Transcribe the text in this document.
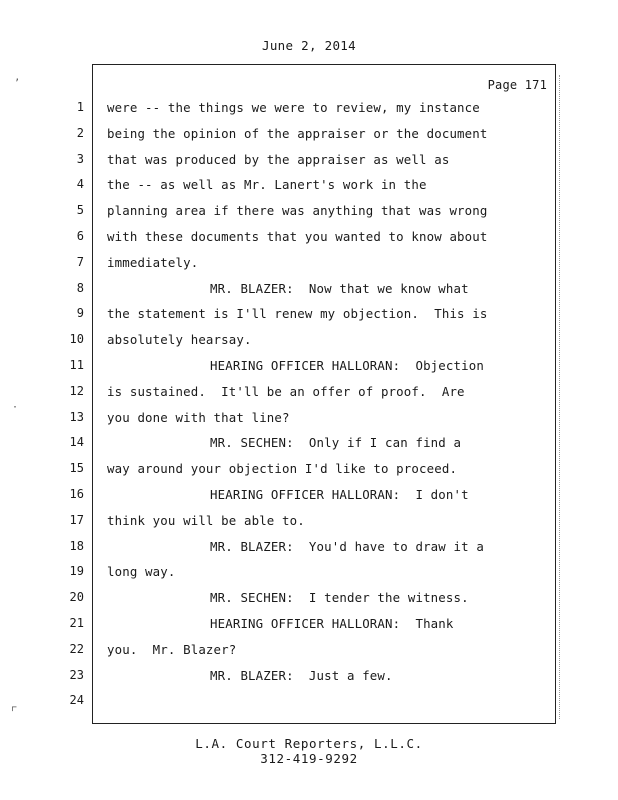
June 2, 2014
Page 171
1
2
3
4
5
6
7
8
9
10
11
12
13
14
15
16
17
18
19
20
21
22
23
24
were -- the things we were to review, my instance
being the opinion of the appraiser or the document
that was produced by the appraiser as well as
the -- as well as Mr. Lanert's work in the
planning area if there was anything that was wrong
with these documents that you wanted to know about
immediately.
MR. BLAZER:  Now that we know what
the statement is I'll renew my objection.  This is
absolutely hearsay.
HEARING OFFICER HALLORAN:  Objection
is sustained.  It'll be an offer of proof.  Are
you done with that line?
MR. SECHEN:  Only if I can find a
way around your objection I'd like to proceed.
HEARING OFFICER HALLORAN:  I don't
think you will be able to.
MR. BLAZER:  You'd have to draw it a
long way.
MR. SECHEN:  I tender the witness.
HEARING OFFICER HALLORAN:  Thank
you.  Mr. Blazer?
MR. BLAZER:  Just a few.
L.A. Court Reporters, L.L.C.
312-419-9292
’
·
⌜
